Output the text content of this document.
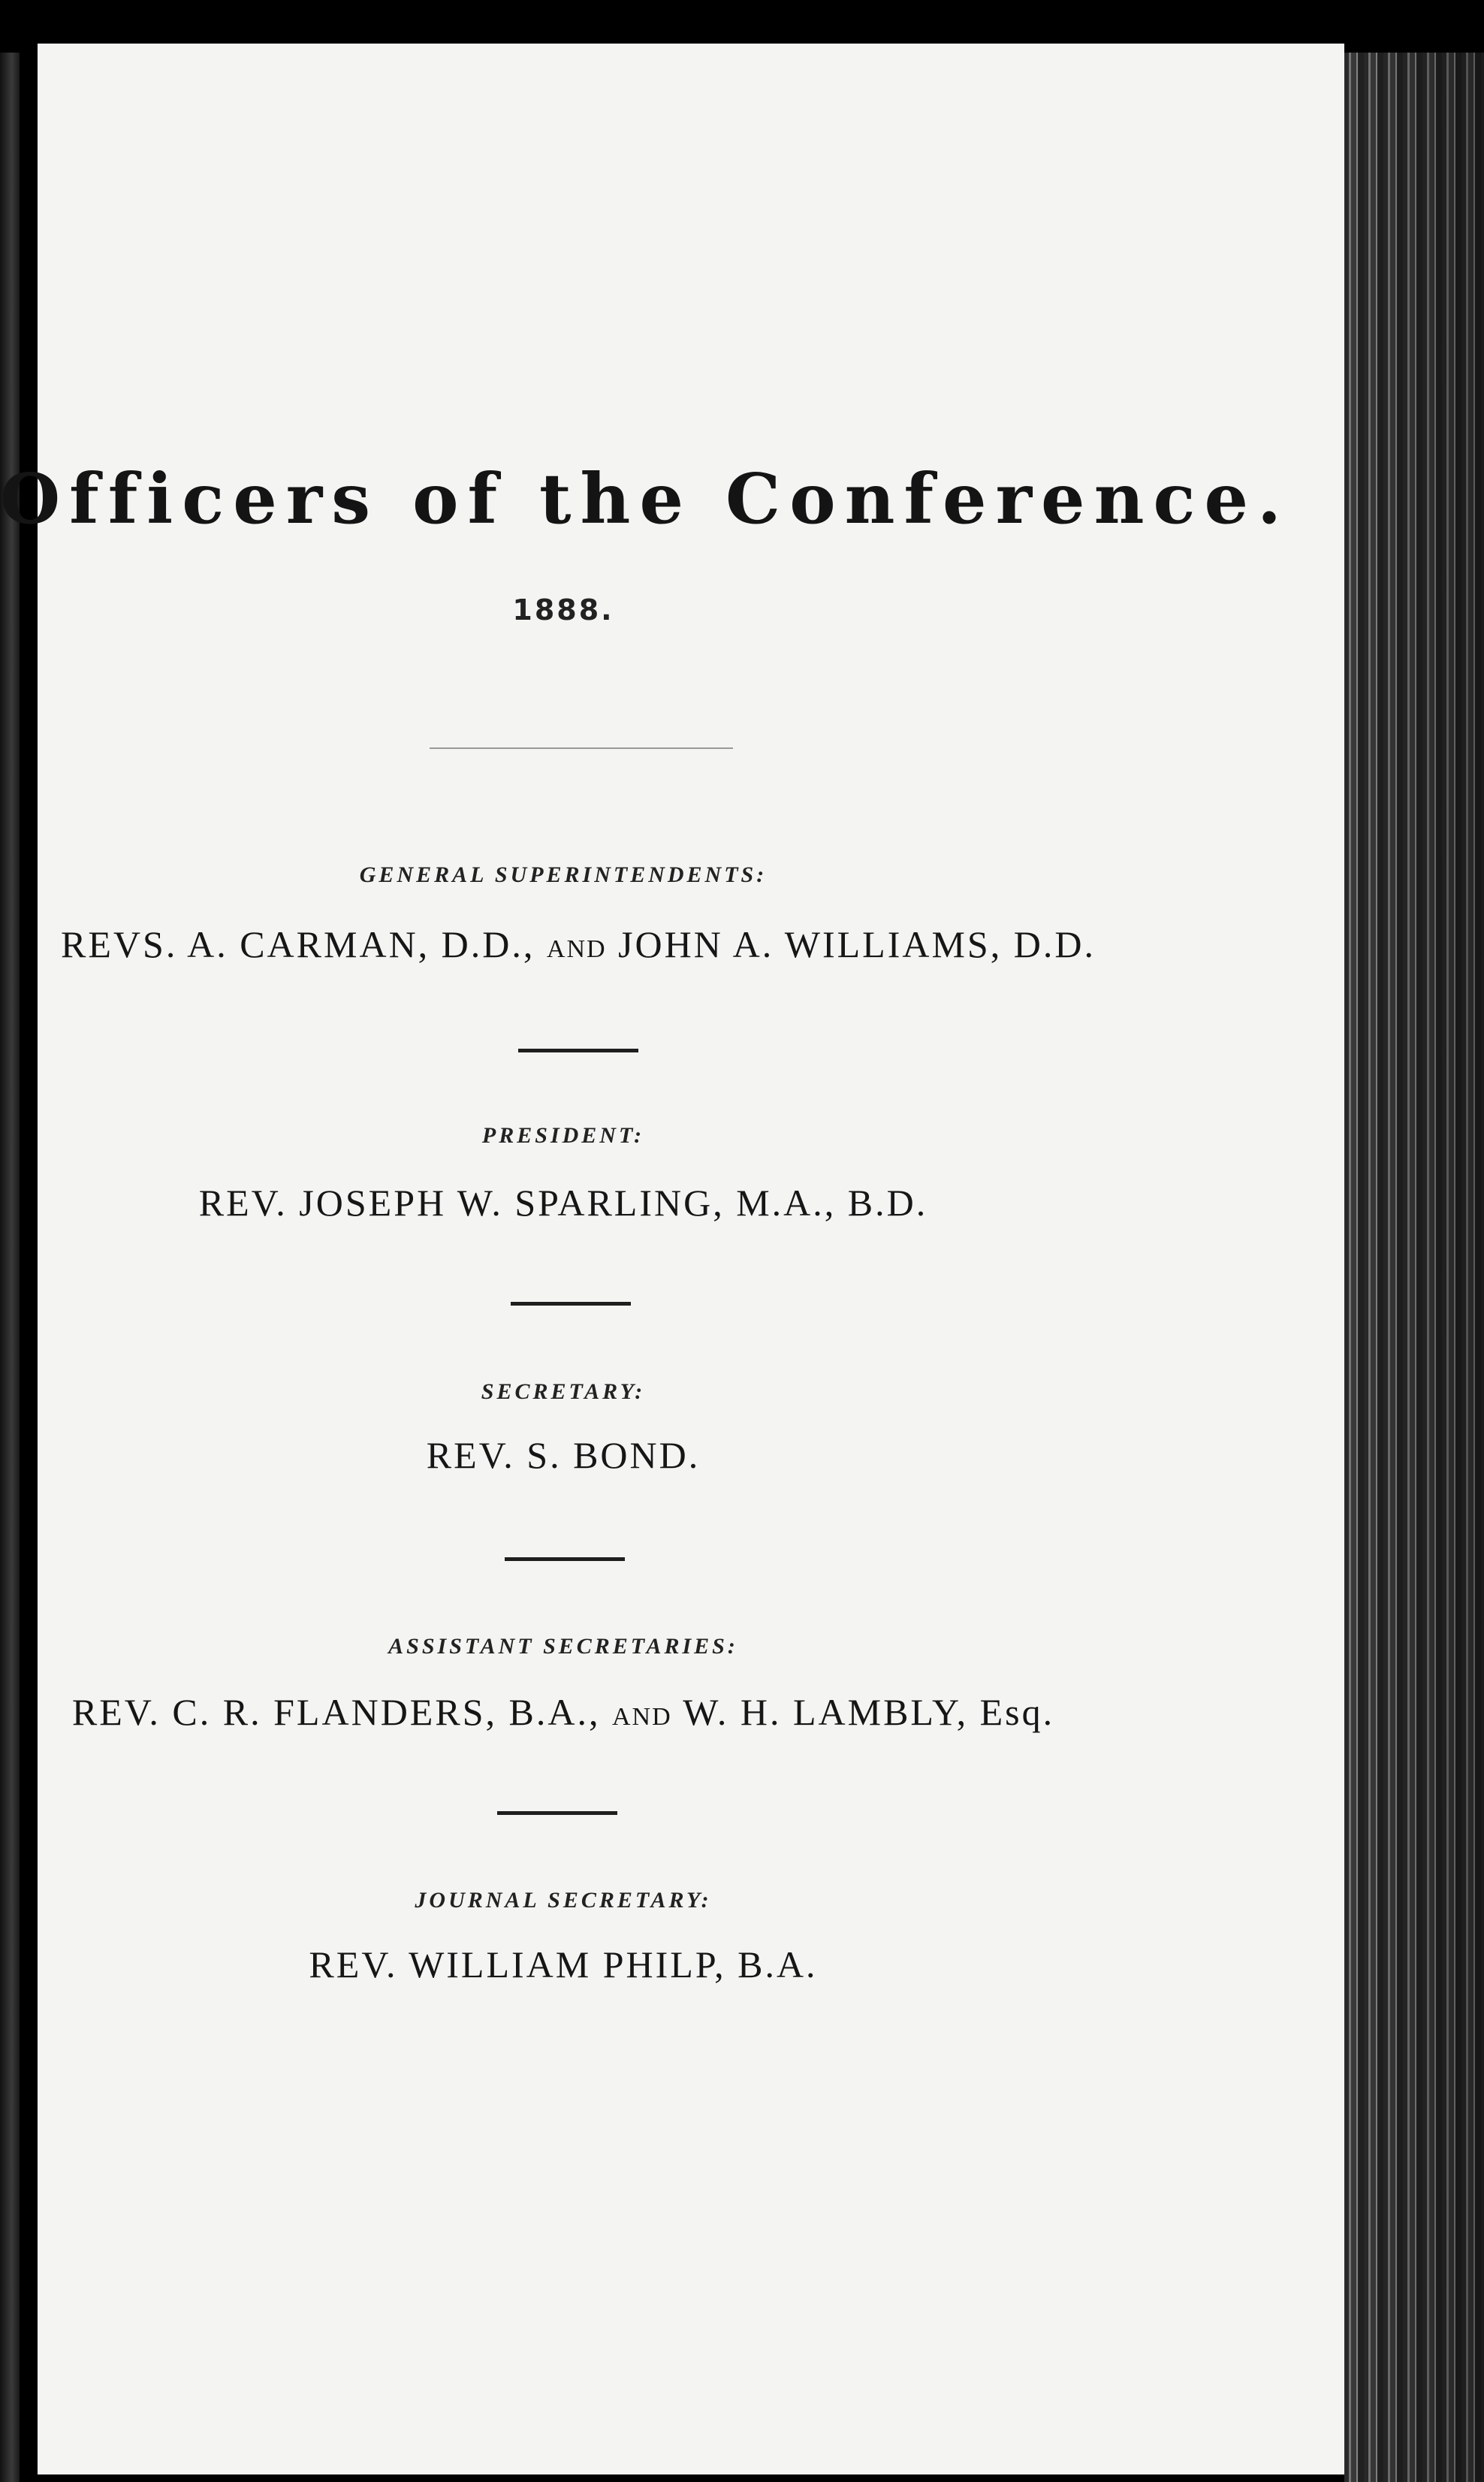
Officers of the Conference.
1888.
GENERAL SUPERINTENDENTS:
REVS. A. CARMAN, D.D., AND JOHN A. WILLIAMS, D.D.
PRESIDENT:
REV. JOSEPH W. SPARLING, M.A., B.D.
SECRETARY:
REV. S. BOND.
ASSISTANT SECRETARIES:
REV. C. R. FLANDERS, B.A., AND W. H. LAMBLY, Esq.
JOURNAL SECRETARY:
REV. WILLIAM PHILP, B.A.
